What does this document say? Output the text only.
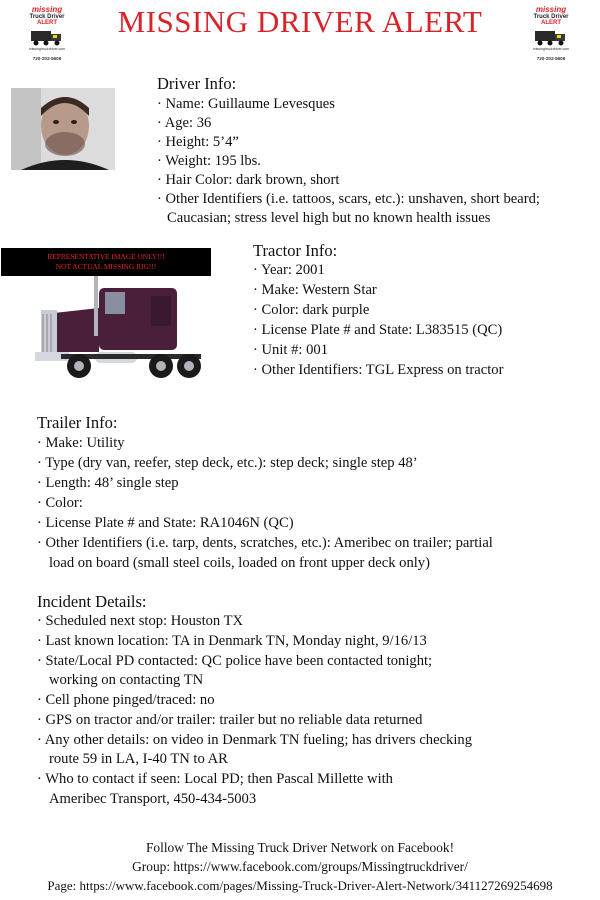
missing
Truck Driver
ALERT
missingtruckdriver.com
720-202-5606
MISSING DRIVER ALERT	missing
Truck Driver
ALERT
missingtruckdriver.com
720-202-5606
Driver Info:
· Name: Guillaume Levesques
· Age: 36
· Height: 5’4”
· Weight: 195 lbs.
· Hair Color: dark brown, short
· Other Identifiers (i.e. tattoos, scars, etc.): unshaven, short beard;
Caucasian; stress level high but no known health issues
REPRESENTATIVE IMAGE ONLY!!!
NOT ACTUAL MISSING RIG!!!
Tractor Info:
· Year: 2001
· Make: Western Star
· Color: dark purple
· License Plate # and State: L383515 (QC)
· Unit #: 001
· Other Identifiers: TGL Express on tractor
Trailer Info:
· Make: Utility
· Type (dry van, reefer, step deck, etc.): step deck; single step 48’
· Length: 48’ single step
· Color:
· License Plate # and State: RA1046N (QC)
· Other Identifiers (i.e. tarp, dents, scratches, etc.): Ameribec on trailer; partial
load on board (small steel coils, loaded on front upper deck only)
Incident Details:
· Scheduled next stop: Houston TX
· Last known location: TA in Denmark TN, Monday night, 9/16/13
· State/Local PD contacted: QC police have been contacted tonight;
working on contacting TN
· Cell phone pinged/traced: no
· GPS on tractor and/or trailer: trailer but no reliable data returned
· Any other details: on video in Denmark TN fueling; has drivers checking
route 59 in LA, I-40 TN to AR
· Who to contact if seen: Local PD; then Pascal Millette with
Ameribec Transport, 450-434-5003
Follow The Missing Truck Driver Network on Facebook!
Group: https://www.facebook.com/groups/Missingtruckdriver/
Page: https://www.facebook.com/pages/Missing-Truck-Driver-Alert-Network/341127269254698
